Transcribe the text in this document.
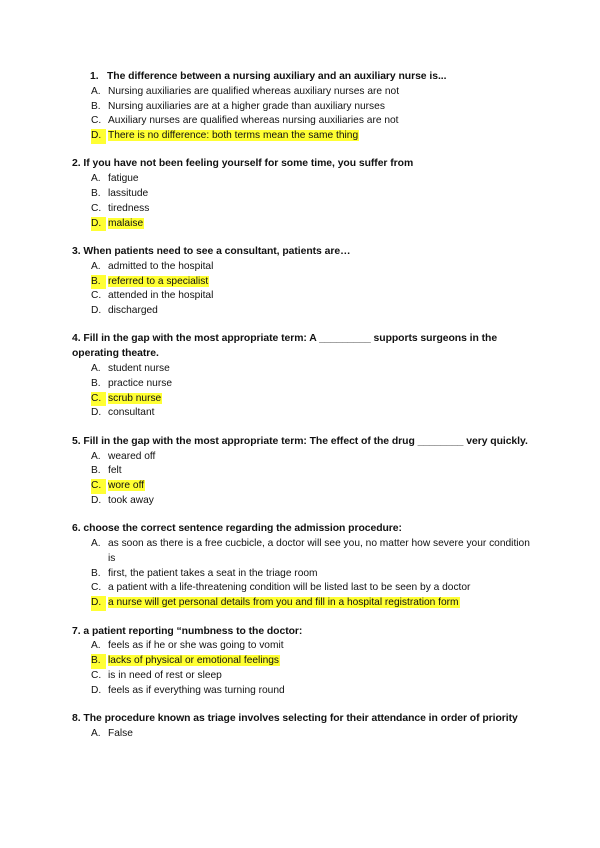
1. The difference between a nursing auxiliary and an auxiliary nurse is...
A. Nursing auxiliaries are qualified whereas auxiliary nurses are not
B. Nursing auxiliaries are at a higher grade than auxiliary nurses
C. Auxiliary nurses are qualified whereas nursing auxiliaries are not
D. There is no difference: both terms mean the same thing
2. If you have not been feeling yourself for some time, you suffer from
A. fatigue
B. lassitude
C. tiredness
D. malaise
3. When patients need to see a consultant, patients are…
A. admitted to the hospital
B. referred to a specialist
C. attended in the hospital
D. discharged
4. Fill in the gap with the most appropriate term: A _________ supports surgeons in the operating theatre.
A. student nurse
B. practice nurse
C. scrub nurse
D. consultant
5. Fill in the gap with the most appropriate term: The effect of the drug ________ very quickly.
A. weared off
B. felt
C. wore off
D. took away
6. choose the correct sentence regarding the admission procedure:
A. as soon as there is a free cucbicle, a doctor will see you, no matter how severe your condition is
B. first, the patient takes a seat in the triage room
C. a patient with a life-threatening condition will be listed last to be seen by a doctor
D. a nurse will get personal details from you and fill in a hospital registration form
7. a patient reporting “numbness to the doctor:
A. feels as if he or she was going to vomit
B. lacks of physical or emotional feelings
C. is in need of rest or sleep
D. feels as if everything was turning round
8. The procedure known as triage involves selecting for their attendance in order of priority
A. False
